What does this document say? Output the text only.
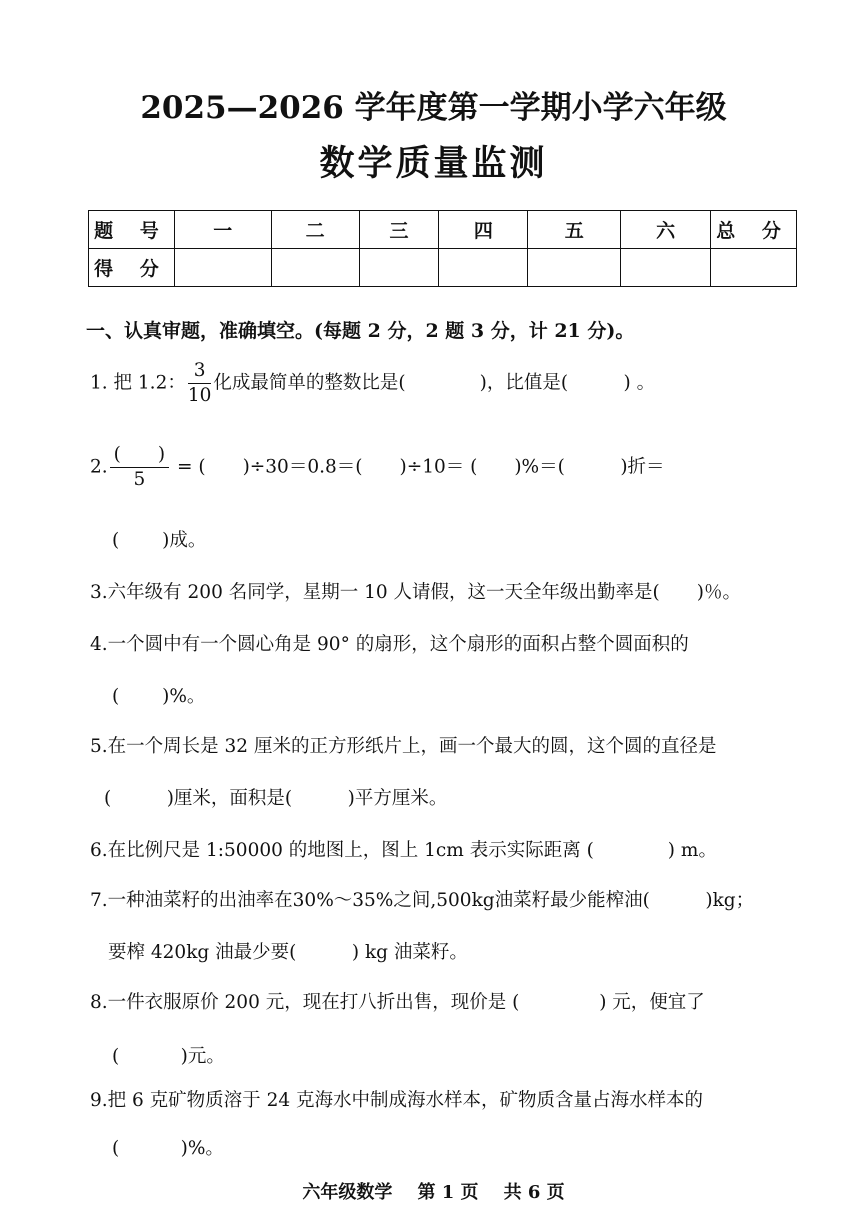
2025—2026 学年度第一学期小学六年级
数学质量监测
题 号	一	二	三	四	五	六	总 分
得 分							
一、认真审题，准确填空。(每题 2 分，2 题 3 分，计 21 分)。
1. 把 1.2： $\frac{3}{10}$ 化成最简单的整数比是(　　　　)，比值是(　　　) 。
2. $\frac{( )}{5}$ = (　　)÷30＝0.8＝(　　)÷10＝ (　　)%＝(　　　)折＝
(　　 )成。
3.六年级有 200 名同学，星期一 10 人请假，这一天全年级出勤率是(　　)％。
4.一个圆中有一个圆心角是 90° 的扇形，这个扇形的面积占整个圆面积的
(　　 )%。
5.在一个周长是 32 厘米的正方形纸片上，画一个最大的圆，这个圆的直径是
(　　　)厘米，面积是(　　　)平方厘米。
6.在比例尺是 1:50000 的地图上，图上 1cm 表示实际距离 (　　　　) m。
7.一种油菜籽的出油率在30%～35%之间,500kg油菜籽最少能榨油(　　　)kg；
要榨 420kg 油最少要(　　　) kg 油菜籽。
8.一件衣服原价 200 元，现在打八折出售，现价是 (　　　　 ) 元，便宜了
(　　　 )元。
9.把 6 克矿物质溶于 24 克海水中制成海水样本，矿物质含量占海水样本的
(　　　 )%。
六年级数学    第 1 页    共 6 页
